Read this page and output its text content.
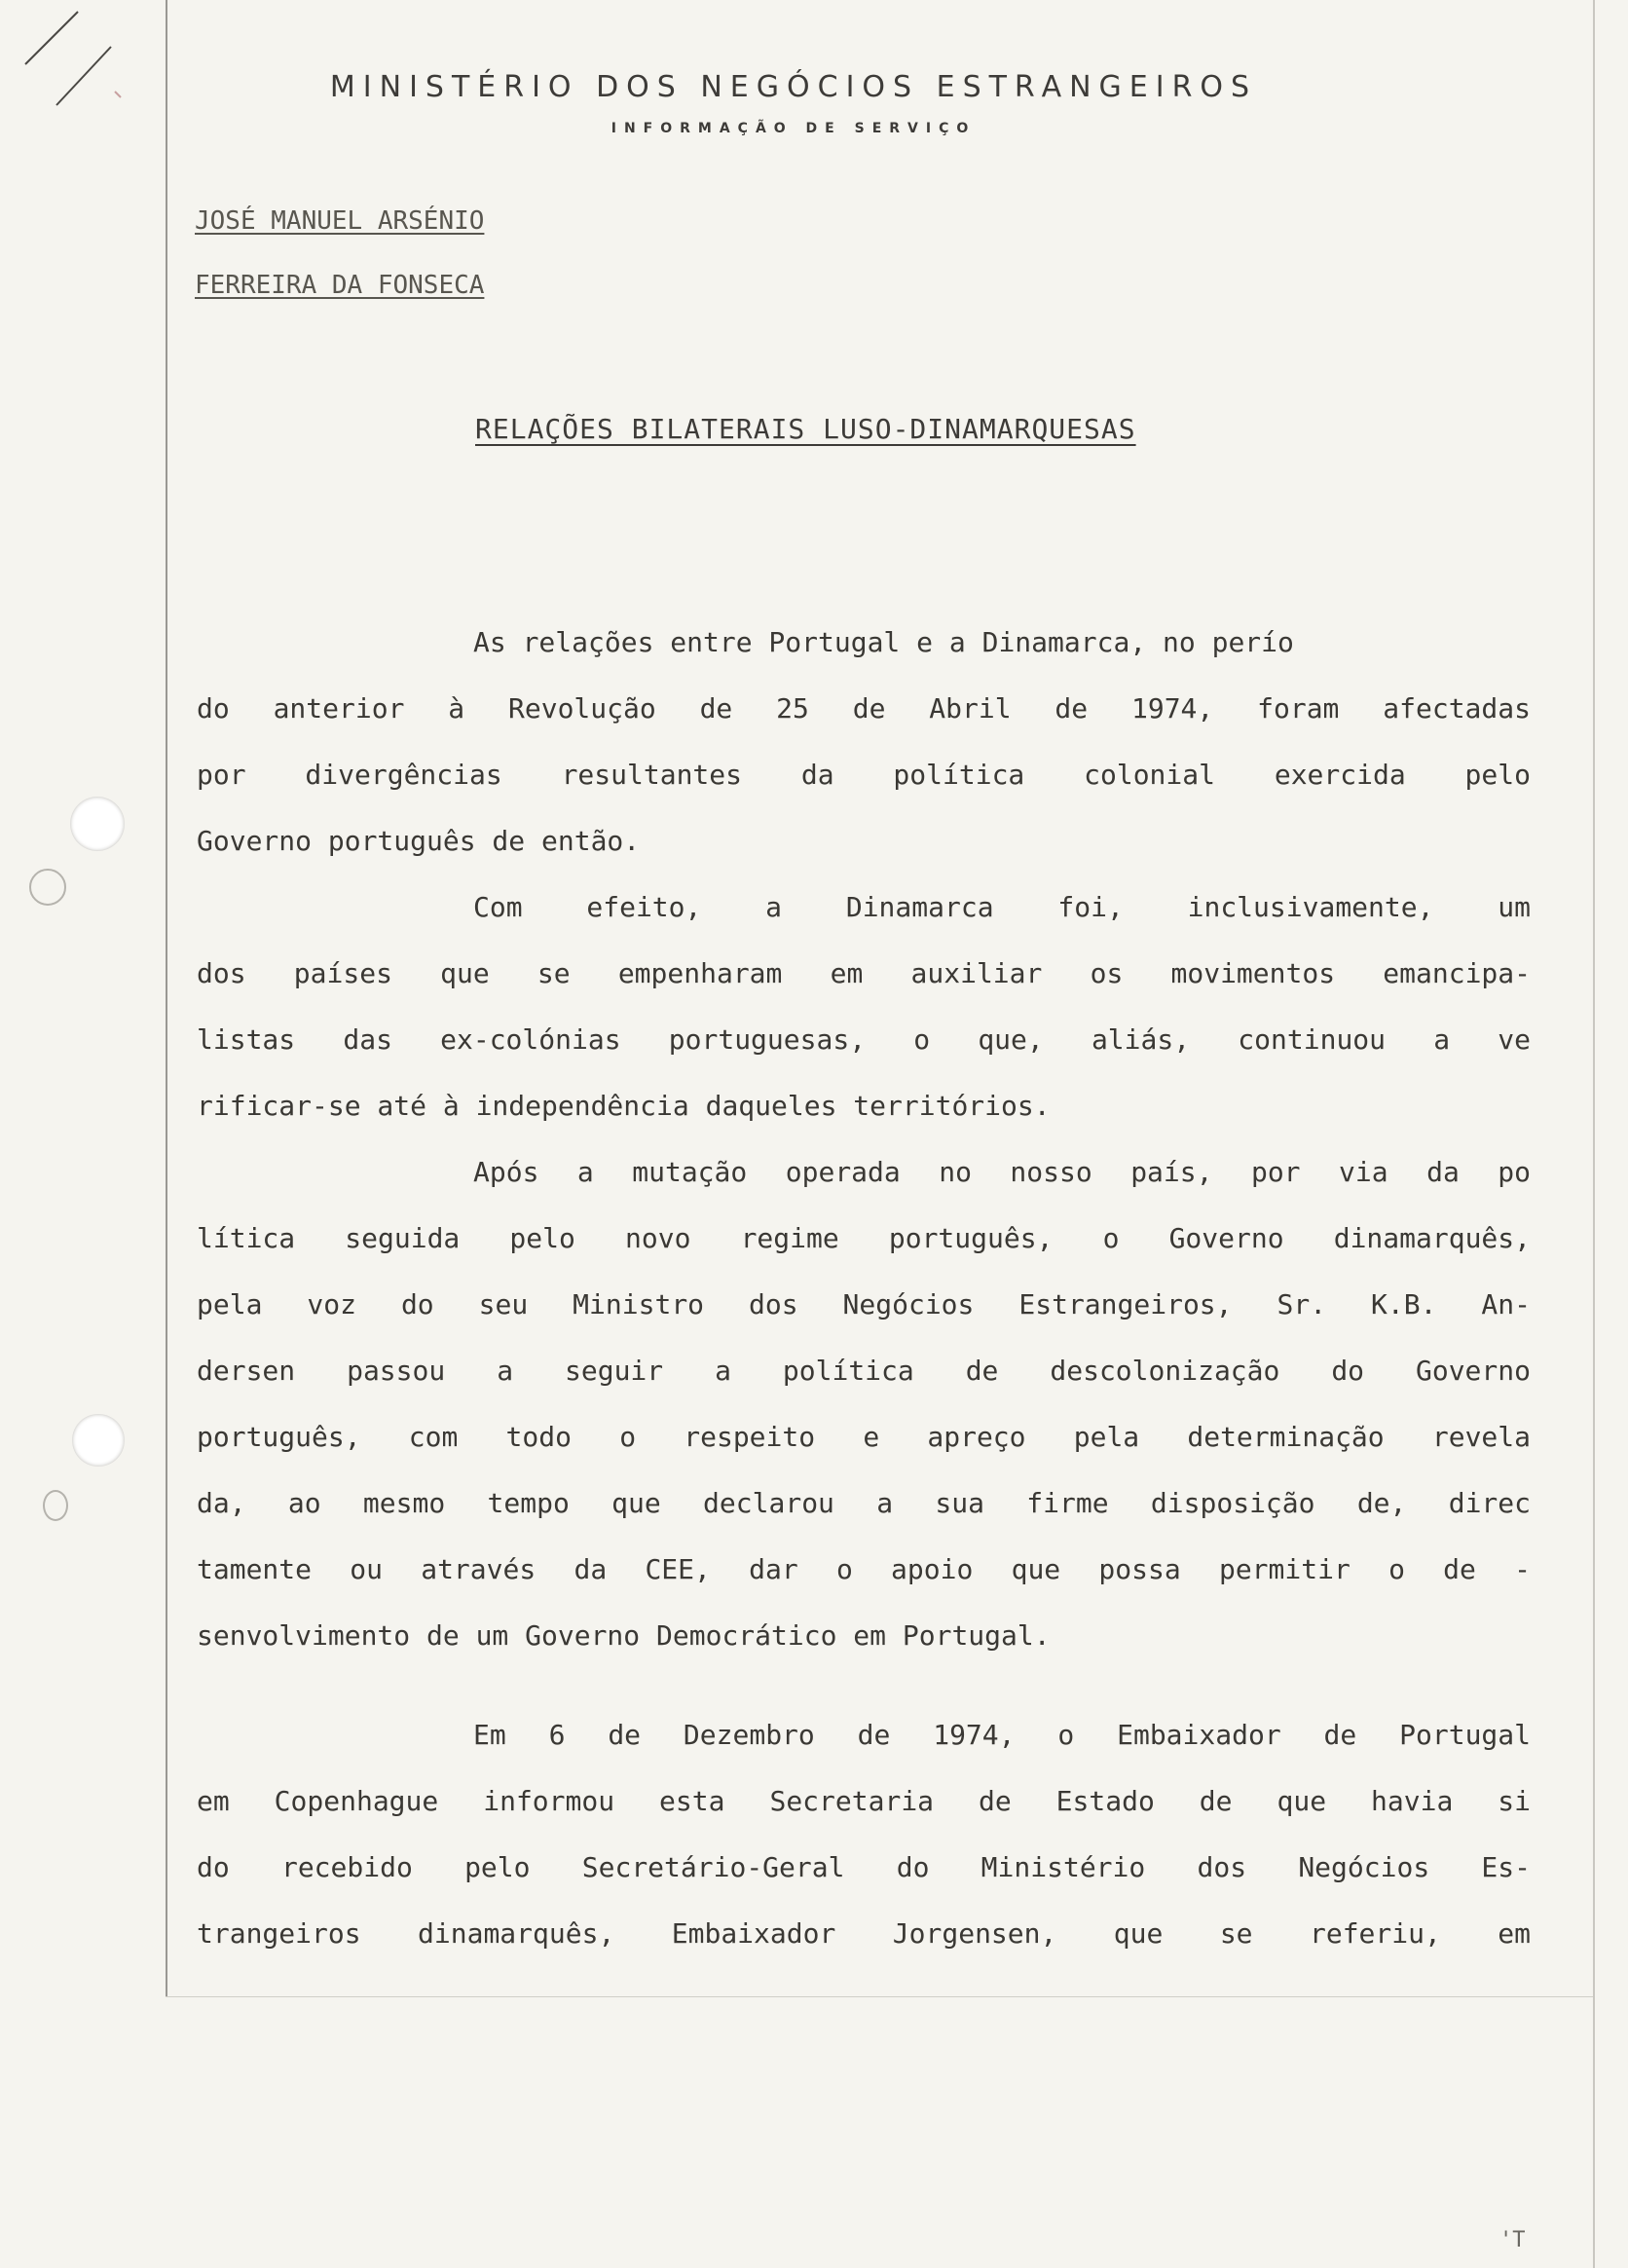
MINISTÉRIO DOS NEGÓCIOS ESTRANGEIROS
INFORMAÇÃO DE SERVIÇO
JOSÉ MANUEL ARSÉNIO
FERREIRA DA FONSECA
RELAÇÕES BILATERAIS LUSO-DINAMARQUESAS
As relações entre Portugal e a Dinamarca, no perío
do anterior à Revolução de 25 de Abril de 1974, foram afectadas
por divergências resultantes da política colonial exercida pelo
Governo português de então.
Com efeito, a Dinamarca foi, inclusivamente, um
dos países que se empenharam em auxiliar os movimentos emancipa-
listas das ex-colónias portuguesas, o que, aliás, continuou a ve
rificar-se até à independência daqueles territórios.
Após a mutação operada no nosso país, por via da po
lítica seguida pelo novo regime português, o Governo dinamarquês,
pela voz do seu Ministro dos Negócios Estrangeiros, Sr. K.B. An-
dersen passou a seguir a política de descolonização do Governo
português, com todo o respeito e apreço pela determinação revela
da, ao mesmo tempo que declarou a sua firme disposição de, direc
tamente ou através da CEE, dar o apoio que possa permitir o de -
senvolvimento de um Governo Democrático em Portugal.
Em 6 de Dezembro de 1974, o Embaixador de Portugal
em Copenhague informou esta Secretaria de Estado de que havia si
do recebido pelo Secretário-Geral do Ministério dos Negócios Es-
trangeiros dinamarquês, Embaixador Jorgensen, que se referiu, em
'T
